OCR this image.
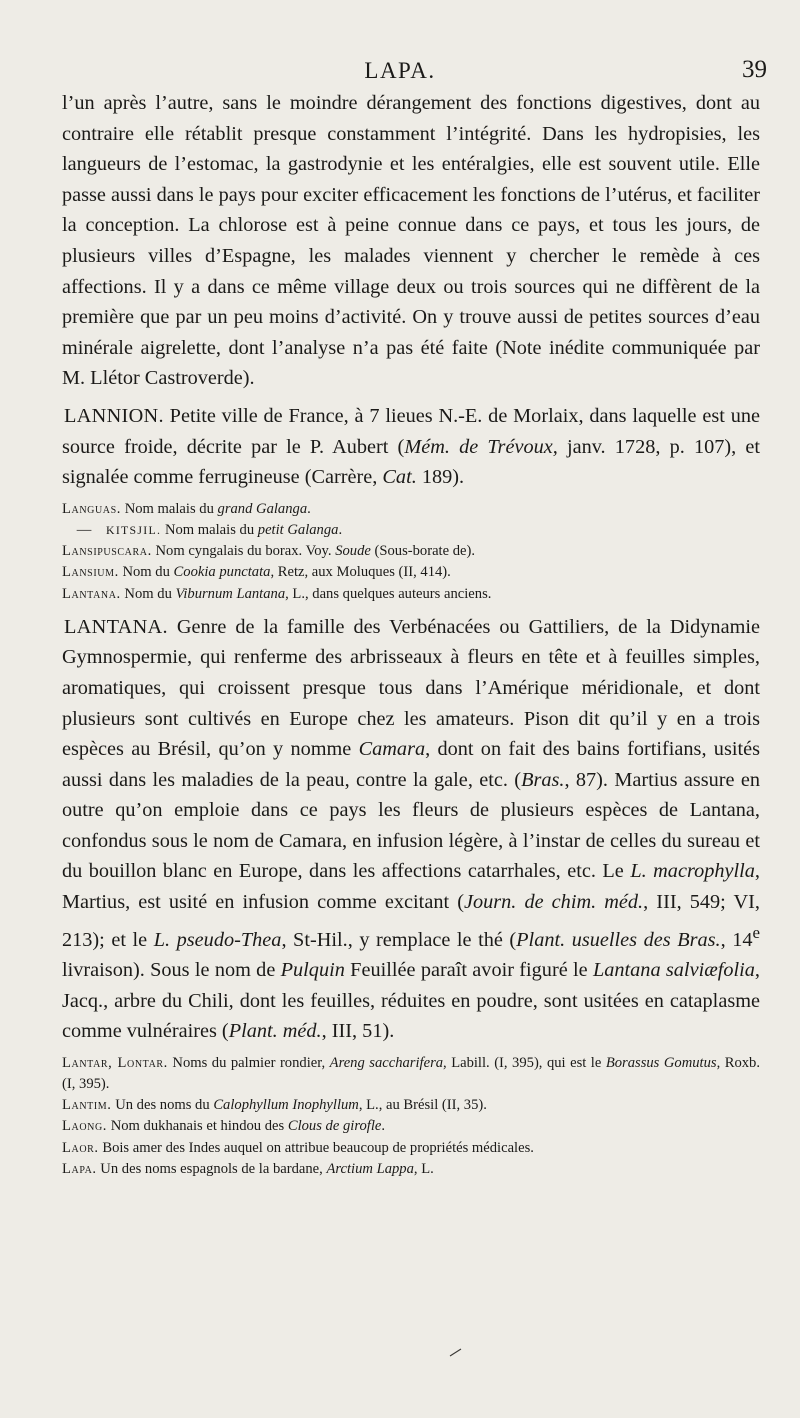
LAPA.	39

l’un après l’autre, sans le moindre dérangement des fonctions digestives, dont au contraire elle rétablit presque constamment l’intégrité. Dans les hydropisies, les langueurs de l’estomac, la gastrodynie et les entéralgies, elle est souvent utile. Elle passe aussi dans le pays pour exciter efficacement les fonctions de l’utérus, et faciliter la conception. La chlorose est à peine connue dans ce pays, et tous les jours, de plusieurs villes d’Espagne, les malades viennent y chercher le remède à ces affections. Il y a dans ce même village deux ou trois sources qui ne diffèrent de la première que par un peu moins d’activité. On y trouve aussi de petites sources d’eau minérale aigrelette, dont l’analyse n’a pas été faite (Note inédite communiquée par M. Llétor Castroverde).

LANNION. Petite ville de France, à 7 lieues N.-E. de Morlaix, dans laquelle est une source froide, décrite par le P. Aubert (Mém. de Trévoux, janv. 1728, p. 107), et signalée comme ferrugineuse (Carrère, Cat. 189).

Languas. Nom malais du grand Galanga.

— KITSJIL. Nom malais du petit Galanga.

Lansipuscara. Nom cyngalais du borax. Voy. Soude (Sous-borate de).

Lansium. Nom du Cookia punctata, Retz, aux Moluques (II, 414).

Lantana. Nom du Viburnum Lantana, L., dans quelques auteurs anciens.

LANTANA. Genre de la famille des Verbénacées ou Gattiliers, de la Didynamie Gymnospermie, qui renferme des arbrisseaux à fleurs en tête et à feuilles simples, aromatiques, qui croissent presque tous dans l’Amérique méridionale, et dont plusieurs sont cultivés en Europe chez les amateurs. Pison dit qu’il y en a trois espèces au Brésil, qu’on y nomme Camara, dont on fait des bains fortifians, usités aussi dans les maladies de la peau, contre la gale, etc. (Bras., 87). Martius assure en outre qu’on emploie dans ce pays les fleurs de plusieurs espèces de Lantana, confondus sous le nom de Camara, en infusion légère, à l’instar de celles du sureau et du bouillon blanc en Europe, dans les affections catarrhales, etc. Le L. macrophylla, Martius, est usité en infusion comme excitant (Journ. de chim. méd., III, 549; VI, 213); et le L. pseudo-Thea, St-Hil., y remplace le thé (Plant. usuelles des Bras., 14e livraison). Sous le nom de Pulquin Feuillée paraît avoir figuré le Lantana salviæfolia, Jacq., arbre du Chili, dont les feuilles, réduites en poudre, sont usitées en cataplasme comme vulnéraires (Plant. méd., III, 51).

Lantar, Lontar. Noms du palmier rondier, Areng saccharifera, Labill. (I, 395), qui est le Borassus Gomutus, Roxb. (I, 395).

Lantim. Un des noms du Calophyllum Inophyllum, L., au Brésil (II, 35).

Laong. Nom dukhanais et hindou des Clous de girofle.

Laor. Bois amer des Indes auquel on attribue beaucoup de propriétés médicales.

Lapa. Un des noms espagnols de la bardane, Arctium Lappa, L.
